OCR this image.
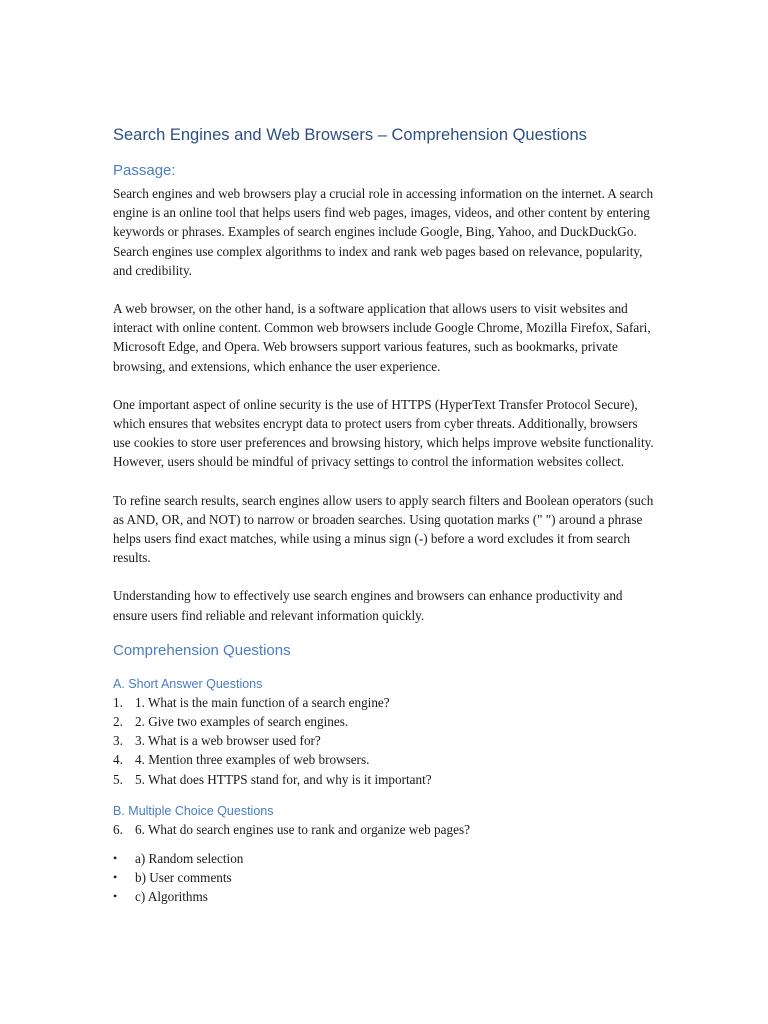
Search Engines and Web Browsers – Comprehension Questions
Passage:

Search engines and web browsers play a crucial role in accessing information on the internet. A search engine is an online tool that helps users find web pages, images, videos, and other content by entering keywords or phrases. Examples of search engines include Google, Bing, Yahoo, and DuckDuckGo. Search engines use complex algorithms to index and rank web pages based on relevance, popularity, and credibility.

A web browser, on the other hand, is a software application that allows users to visit websites and interact with online content. Common web browsers include Google Chrome, Mozilla Firefox, Safari, Microsoft Edge, and Opera. Web browsers support various features, such as bookmarks, private browsing, and extensions, which enhance the user experience.

One important aspect of online security is the use of HTTPS (HyperText Transfer Protocol Secure), which ensures that websites encrypt data to protect users from cyber threats. Additionally, browsers use cookies to store user preferences and browsing history, which helps improve website functionality. However, users should be mindful of privacy settings to control the information websites collect.

To refine search results, search engines allow users to apply search filters and Boolean operators (such as AND, OR, and NOT) to narrow or broaden searches. Using quotation marks (" ") around a phrase helps users find exact matches, while using a minus sign (-) before a word excludes it from search results.

Understanding how to effectively use search engines and browsers can enhance productivity and ensure users find reliable and relevant information quickly.

Comprehension Questions
A. Short Answer Questions
1. 1. What is the main function of a search engine?
2. 2. Give two examples of search engines.
3. 3. What is a web browser used for?
4. 4. Mention three examples of web browsers.
5. 5. What does HTTPS stand for, and why is it important?
B. Multiple Choice Questions
6. 6. What do search engines use to rank and organize web pages?
•	a) Random selection
•	b) User comments
•	c) Algorithms
